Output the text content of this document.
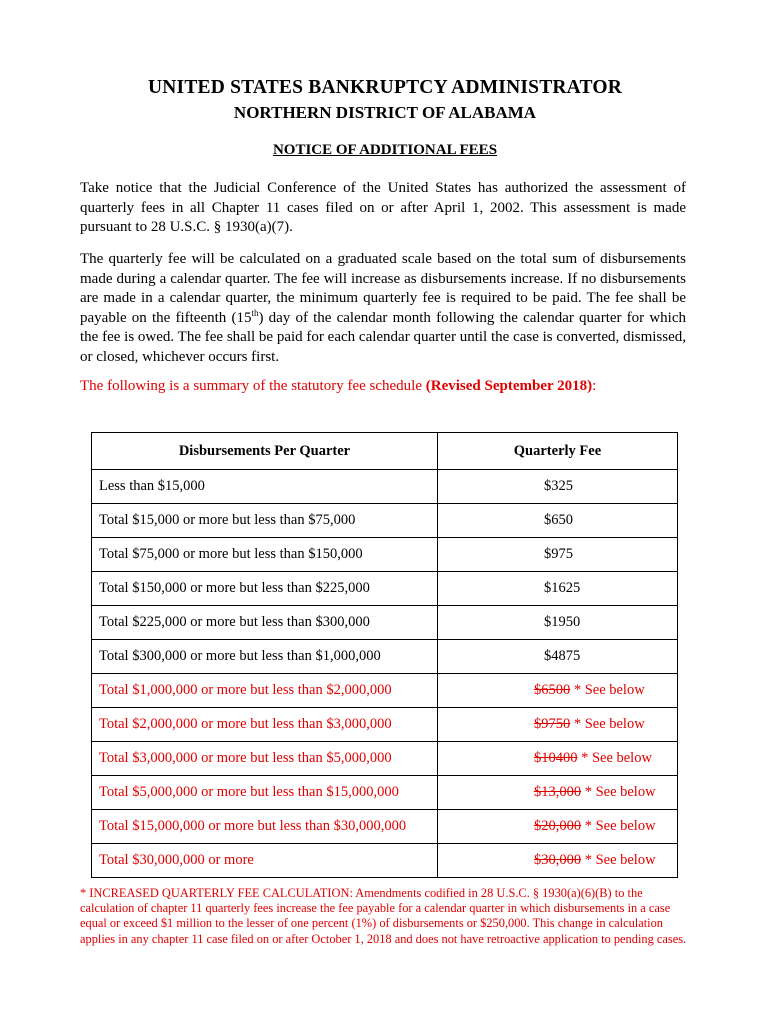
UNITED STATES BANKRUPTCY ADMINISTRATOR
NORTHERN DISTRICT OF ALABAMA
NOTICE OF ADDITIONAL FEES
Take notice that the Judicial Conference of the United States has authorized the assessment of quarterly fees in all Chapter 11 cases filed on or after April 1, 2002. This assessment is made pursuant to 28 U.S.C. § 1930(a)(7).
The quarterly fee will be calculated on a graduated scale based on the total sum of disbursements made during a calendar quarter. The fee will increase as disbursements increase. If no disbursements are made in a calendar quarter, the minimum quarterly fee is required to be paid. The fee shall be payable on the fifteenth (15th) day of the calendar month following the calendar quarter for which the fee is owed. The fee shall be paid for each calendar quarter until the case is converted, dismissed, or closed, whichever occurs first.
The following is a summary of the statutory fee schedule (Revised September 2018):
Disbursements Per Quarter	Quarterly Fee
Less than $15,000	$325
Total $15,000 or more but less than $75,000	$650
Total $75,000 or more but less than $150,000	$975
Total $150,000 or more but less than $225,000	$1625
Total $225,000 or more but less than $300,000	$1950
Total $300,000 or more but less than $1,000,000	$4875
Total $1,000,000 or more but less than $2,000,000	$6500 * See below
Total $2,000,000 or more but less than $3,000,000	$9750 * See below
Total $3,000,000 or more but less than $5,000,000	$10400 * See below
Total $5,000,000 or more but less than $15,000,000	$13,000 * See below
Total $15,000,000 or more but less than $30,000,000	$20,000 * See below
Total $30,000,000 or more	$30,000 * See below
* INCREASED QUARTERLY FEE CALCULATION: Amendments codified in 28 U.S.C. § 1930(a)(6)(B) to the calculation of chapter 11 quarterly fees increase the fee payable for a calendar quarter in which disbursements in a case equal or exceed $1 million to the lesser of one percent (1%) of disbursements or $250,000. This change in calculation applies in any chapter 11 case filed on or after October 1, 2018 and does not have retroactive application to pending cases.
